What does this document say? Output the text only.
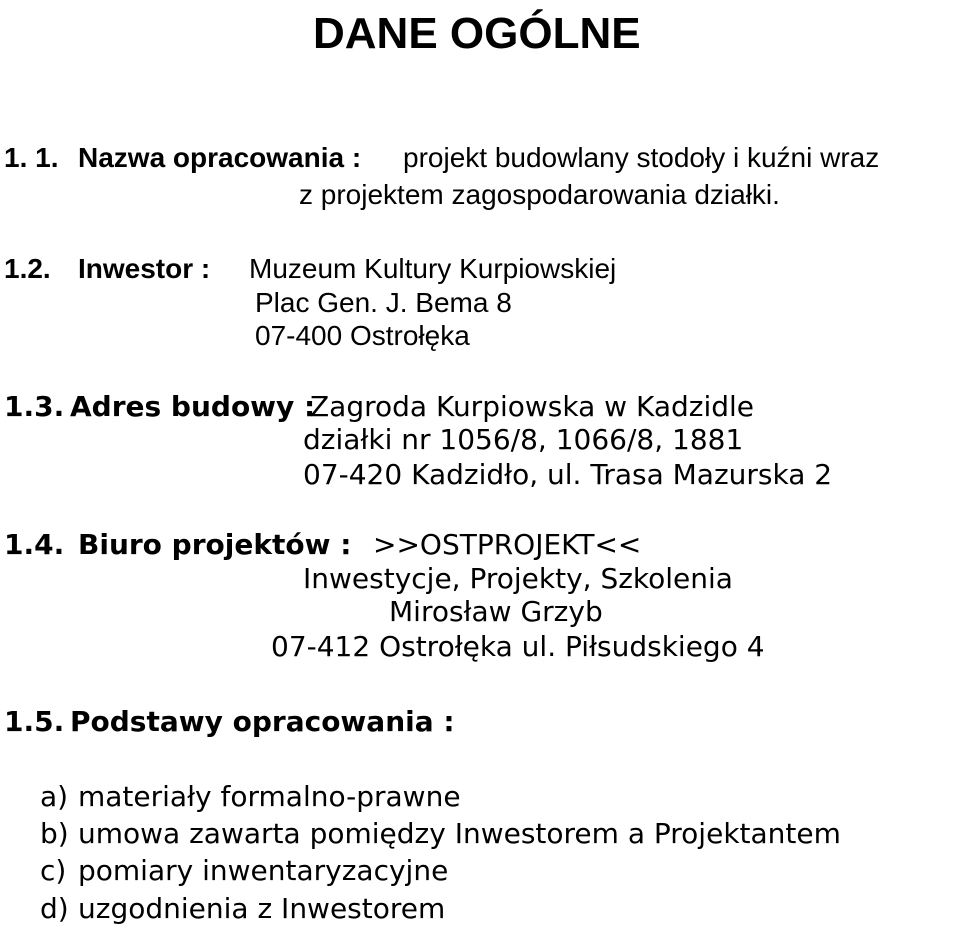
DANE OGÓLNE
1. 1. Nazwa opracowania : projekt budowlany stodoły i kuźni wraz
z projektem zagospodarowania działki.
1.2. Inwestor : Muzeum Kultury Kurpiowskiej
Plac Gen. J. Bema 8
07-400 Ostrołęka
1.3. Adres budowy :
Zagroda Kurpiowska w Kadzidle
działki nr 1056/8, 1066/8, 1881
07-420 Kadzidło, ul. Trasa Mazurska 2
1.4. Biuro projektów : >>OSTPROJEKT<<
Inwestycje, Projekty, Szkolenia
Mirosław Grzyb
07-412 Ostrołęka ul. Piłsudskiego 4
1.5. Podstawy opracowania :
a) materiały formalno-prawne
b) umowa zawarta pomiędzy Inwestorem a Projektantem
c) pomiary inwentaryzacyjne
d) uzgodnienia z Inwestorem
